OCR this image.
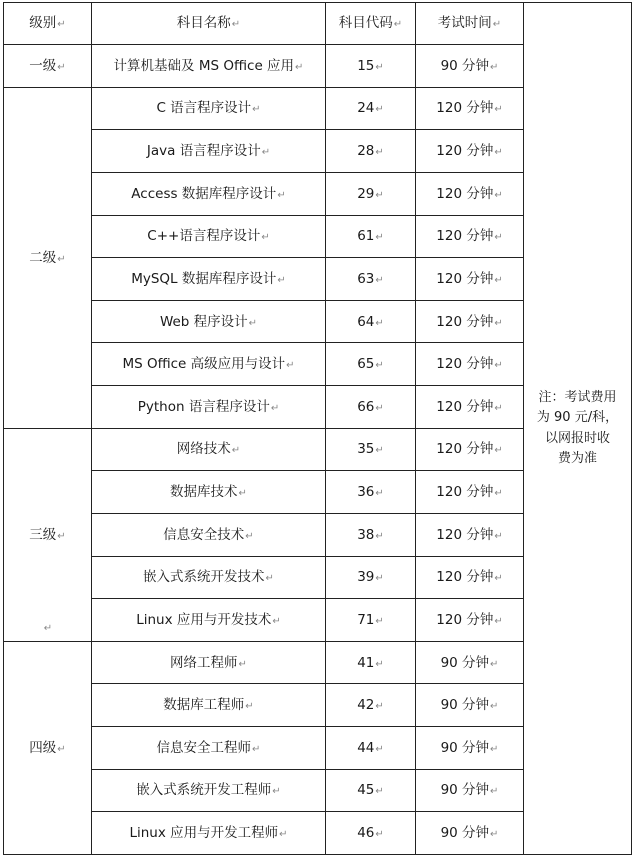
级别↵	科目名称↵	科目代码↵	考试时间↵	注：考试费用
为 90 元/科，
以网报时收
费为准

一级↵	计算机基础及 MS Office 应用↵	15↵	90 分钟↵	
二级↵	C 语言程序设计↵	24↵	120 分钟↵	
	Java 语言程序设计↵	28↵	120 分钟↵	
	Access 数据库程序设计↵	29↵	120 分钟↵	
	C++语言程序设计↵	61↵	120 分钟↵	
	MySQL 数据库程序设计↵	63↵	120 分钟↵	
	Web 程序设计↵	64↵	120 分钟↵	
	MS Office 高级应用与设计↵	65↵	120 分钟↵	
	Python 语言程序设计↵	66↵	120 分钟↵	
三级↵
↵	网络技术↵	35↵	120 分钟↵	
	数据库技术↵	36↵	120 分钟↵	
	信息安全技术↵	38↵	120 分钟↵	
	嵌入式系统开发技术↵	39↵	120 分钟↵	
	Linux 应用与开发技术↵	71↵	120 分钟↵	
四级↵	网络工程师↵	41↵	90 分钟↵	
	数据库工程师↵	42↵	90 分钟↵	
	信息安全工程师↵	44↵	90 分钟↵	
	嵌入式系统开发工程师↵	45↵	90 分钟↵	
	Linux 应用与开发工程师↵	46↵	90 分钟↵	
